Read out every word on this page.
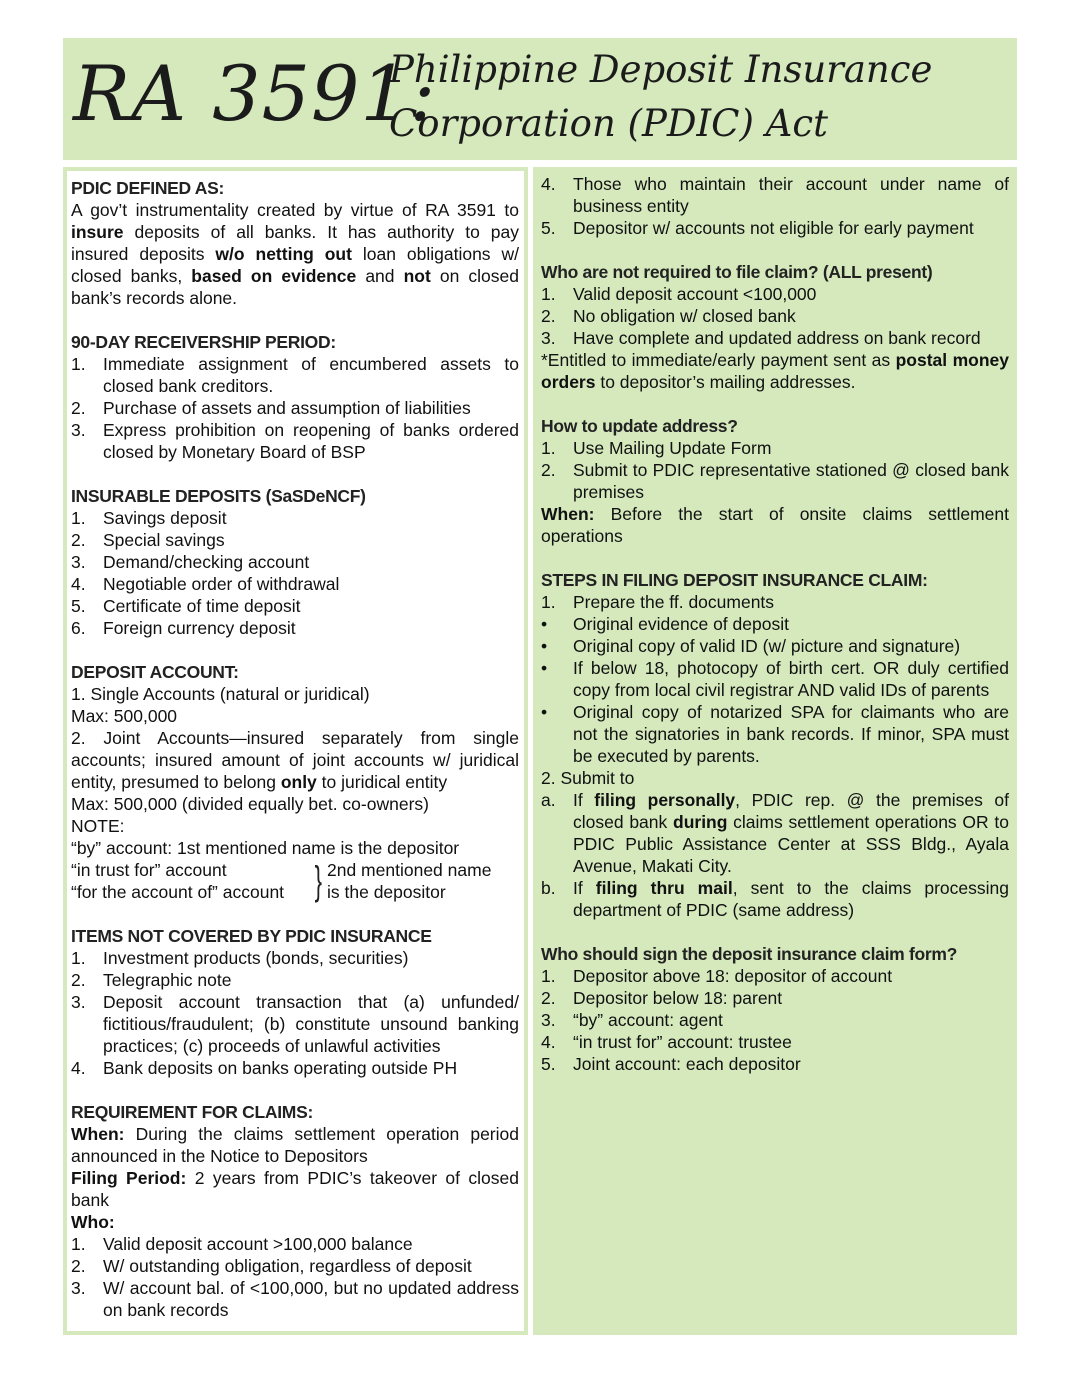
RA 3591:
Philippine Deposit Insurance
Corporation (PDIC) Act
PDIC DEFINED AS:
A gov’t instrumentality created by virtue of RA 3591 to insure deposits of all banks. It has authority to pay insured deposits w/o netting out loan obligations w/ closed banks, based on evidence and not on closed bank’s records alone.
90-DAY RECEIVERSHIP PERIOD:
1. Immediate assignment of encumbered assets to closed bank creditors.
2. Purchase of assets and assumption of liabilities
3. Express prohibition on reopening of banks ordered closed by Monetary Board of BSP
INSURABLE DEPOSITS (SaSDeNCF)
1. Savings deposit
2. Special savings
3. Demand/checking account
4. Negotiable order of withdrawal
5. Certificate of time deposit
6. Foreign currency deposit
DEPOSIT ACCOUNT:
1. Single Accounts (natural or juridical)
Max: 500,000
2. Joint Accounts—insured separately from single accounts; insured amount of joint accounts w/ juridical entity, presumed to belong only to juridical entity
Max: 500,000 (divided equally bet. co-owners)
NOTE:
“by” account: 1st mentioned name is the depositor
“in trust for” account
“for the account of” account } 2nd mentioned name
is the depositor
ITEMS NOT COVERED BY PDIC INSURANCE
1. Investment products (bonds, securities)
2. Telegraphic note
3. Deposit account transaction that (a) unfunded/ fictitious/fraudulent; (b) constitute unsound banking practices; (c) proceeds of unlawful activities
4. Bank deposits on banks operating outside PH
REQUIREMENT FOR CLAIMS:
When: During the claims settlement operation period announced in the Notice to Depositors
Filing Period: 2 years from PDIC’s takeover of closed bank
Who:
1. Valid deposit account >100,000 balance
2. W/ outstanding obligation, regardless of deposit
3. W/ account bal. of <100,000, but no updated address on bank records
4. Those who maintain their account under name of business entity
5. Depositor w/ accounts not eligible for early payment
Who are not required to file claim? (ALL present)
1. Valid deposit account <100,000
2. No obligation w/ closed bank
3. Have complete and updated address on bank record
*Entitled to immediate/early payment sent as postal money orders to depositor’s mailing addresses.
How to update address?
1. Use Mailing Update Form
2. Submit to PDIC representative stationed @ closed bank premises
When: Before the start of onsite claims settlement operations
STEPS IN FILING DEPOSIT INSURANCE CLAIM:
1. Prepare the ff. documents
•	Original evidence of deposit
•	Original copy of valid ID (w/ picture and signature)
•	If below 18, photocopy of birth cert. OR duly certified copy from local civil registrar AND valid IDs of parents
•	Original copy of notarized SPA for claimants who are not the signatories in bank records. If minor, SPA must be executed by parents.
2. Submit to
a. If filing personally, PDIC rep. @ the premises of closed bank during claims settlement operations OR to PDIC Public Assistance Center at SSS Bldg., Ayala Avenue, Makati City.
b. If filing thru mail, sent to the claims processing department of PDIC (same address)
Who should sign the deposit insurance claim form?
1. Depositor above 18: depositor of account
2. Depositor below 18: parent
3. “by” account: agent
4. “in trust for” account: trustee
5. Joint account: each depositor
